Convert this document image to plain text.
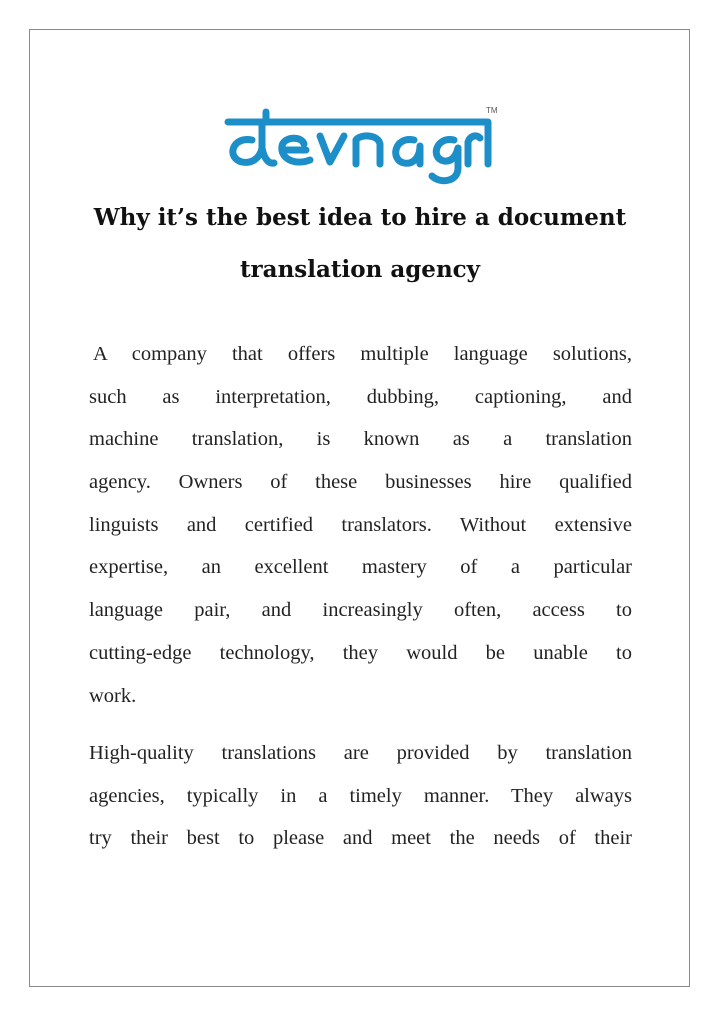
TM
Why it’s the best idea to hire a document
translation agency
A company that offers multiple language solutions,
such as interpretation, dubbing, captioning, and
machine translation, is known as a translation
agency. Owners of these businesses hire qualified
linguists and certified translators. Without extensive
expertise, an excellent mastery of a particular
language pair, and increasingly often, access to
cutting-edge technology, they would be unable to
work.
High-quality translations are provided by translation
agencies, typically in a timely manner. They always
try their best to please and meet the needs of their
